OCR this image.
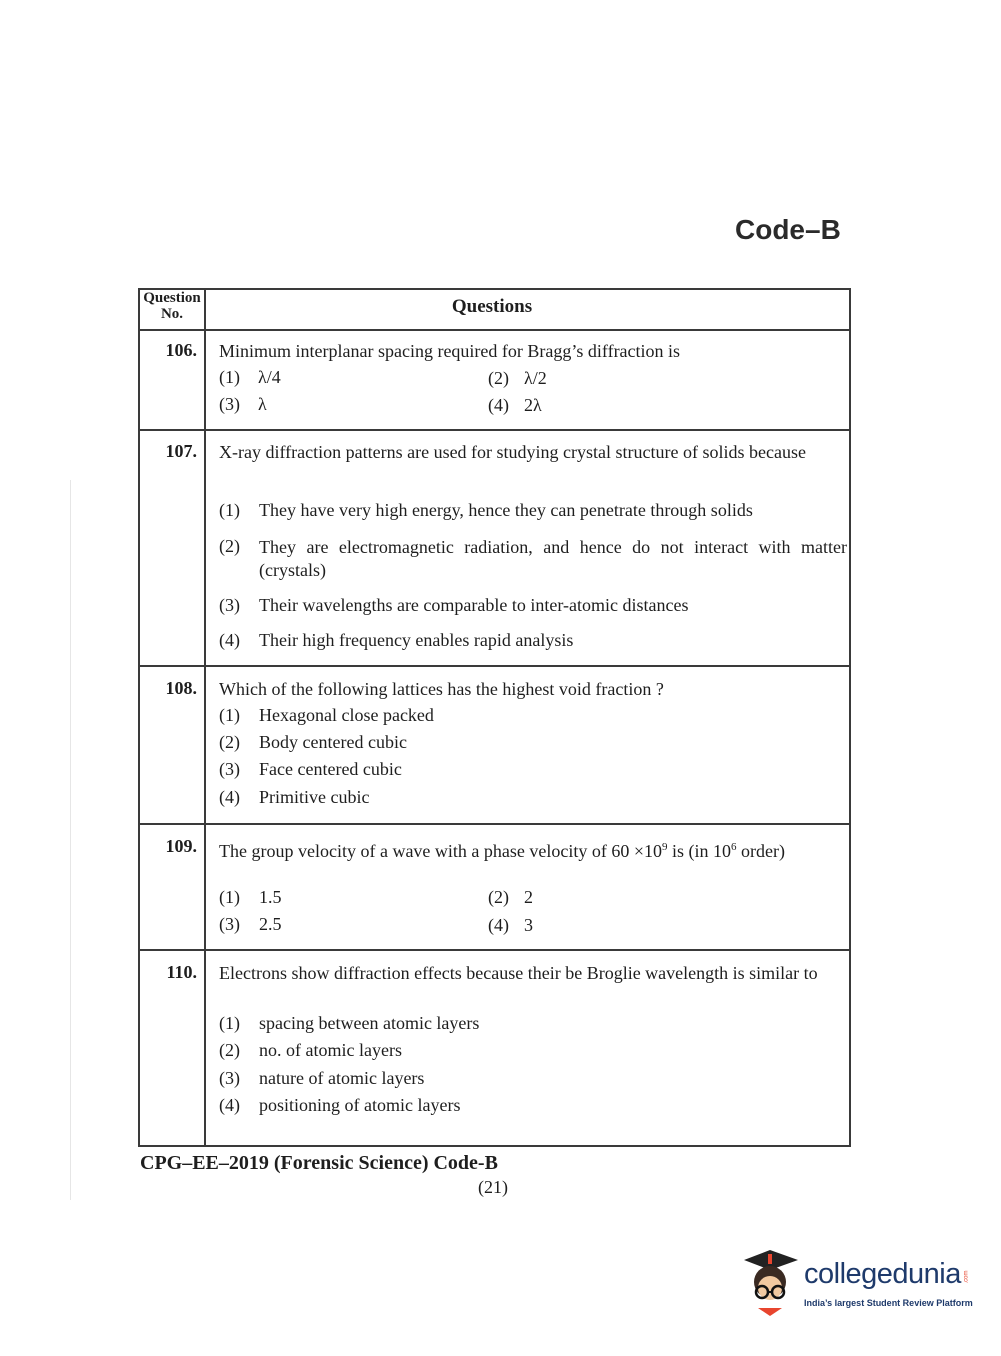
Code–B
Question
No.	Questions
106. Minimum interplanar spacing required for Bragg’s diffraction is
(1) λ/4	(2) λ/2
(3) λ	(4) 2λ
107. X-ray diffraction patterns are used for studying crystal structure of solids because
(1) They have very high energy, hence they can penetrate through solids
(2) They are electromagnetic radiation, and hence do not interact with matter (crystals)
(3) Their wavelengths are comparable to inter-atomic distances
(4) Their high frequency enables rapid analysis
108. Which of the following lattices has the highest void fraction ?
(1) Hexagonal close packed
(2) Body centered cubic
(3) Face centered cubic
(4) Primitive cubic
109. The group velocity of a wave with a phase velocity of $60 \times 10^9$ is (in $10^6$ order)
(1) 1.5	(2) 2
(3) 2.5	(4) 3
110. Electrons show diffraction effects because their be Broglie wavelength is similar to
(1) spacing between atomic layers
(2) no. of atomic layers
(3) nature of atomic layers
(4) positioning of atomic layers
CPG–EE–2019 (Forensic Science) Code-B
(21)
collegedunia .com
India’s largest Student Review Platform
